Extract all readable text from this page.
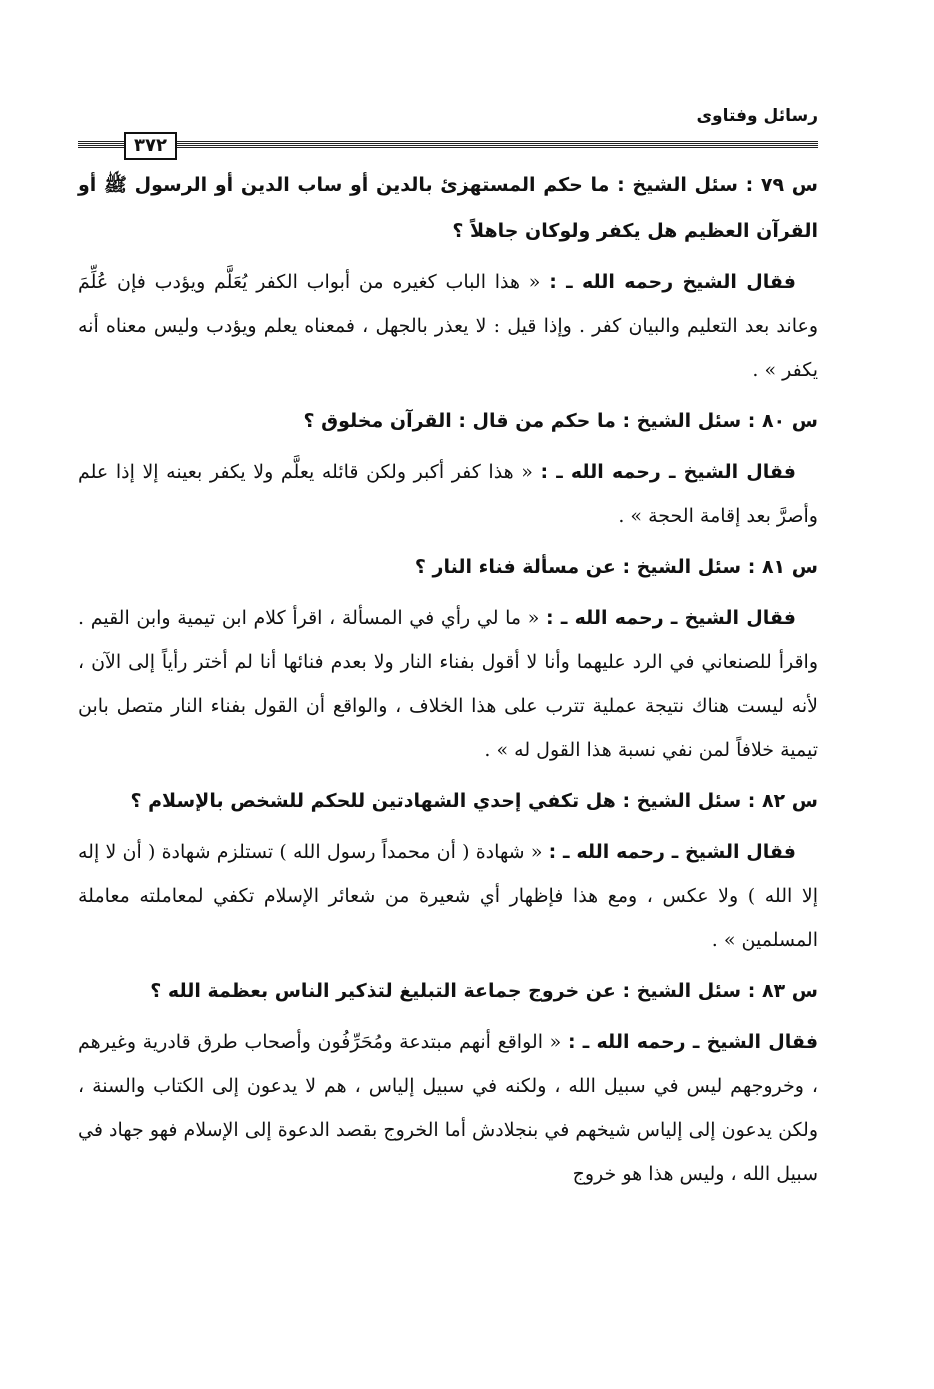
رسائل وفتاوى
٣٧٢

س ٧٩ : سئل الشيخ : ما حكم المستهزئ بالدين أو ساب الدين أو الرسول ﷺ أو القرآن العظيم هل يكفر ولوكان جاهلاً ؟

فقال الشيخ رحمه الله ـ : « هذا الباب كغيره من أبواب الكفر يُعَلَّم ويؤدب فإن عُلِّمَ وعاند بعد التعليم والبيان كفر . وإذا قيل : لا يعذر بالجهل ، فمعناه يعلم ويؤدب وليس معناه أنه يكفر » .

س ٨٠ : سئل الشيخ : ما حكم من قال : القرآن مخلوق ؟

فقال الشيخ ـ رحمه الله ـ : « هذا كفر أكبر ولكن قائله يعلَّم ولا يكفر بعينه إلا إذا علم وأصرَّ بعد إقامة الحجة » .

س ٨١ : سئل الشيخ : عن مسألة فناء النار ؟

فقال الشيخ ـ رحمه الله ـ : « ما لي رأي في المسألة ، اقرأ كلام ابن تيمية وابن القيم . واقرأ للصنعاني في الرد عليهما وأنا لا أقول بفناء النار ولا بعدم فنائها أنا لم أختر رأياً إلى الآن ، لأنه ليست هناك نتيجة عملية تترب على هذا الخلاف ، والواقع أن القول بفناء النار متصل بابن تيمية خلافاً لمن نفي نسبة هذا القول له » .

س ٨٢ : سئل الشيخ : هل تكفي إحدي الشهادتين للحكم للشخص بالإسلام ؟

فقال الشيخ ـ رحمه الله ـ : « شهادة ( أن محمداً رسول الله ) تستلزم شهادة ( أن لا إله إلا الله ) ولا عكس ، ومع هذا فإظهار أي شعيرة من شعائر الإسلام تكفي لمعاملته معاملة المسلمين » .

س ٨٣ : سئل الشيخ : عن خروج جماعة التبليغ لتذكير الناس بعظمة الله ؟

فقال الشيخ ـ رحمه الله ـ : « الواقع أنهم مبتدعة ومُحَرِّفُون وأصحاب طرق قادرية وغيرهم ، وخروجهم ليس في سبيل الله ، ولكنه في سبيل إلياس ، هم لا يدعون إلى الكتاب والسنة ، ولكن يدعون إلى إلياس شيخهم في بنجلادش أما الخروج بقصد الدعوة إلى الإسلام فهو جهاد في سبيل الله ، وليس هذا هو خروج
